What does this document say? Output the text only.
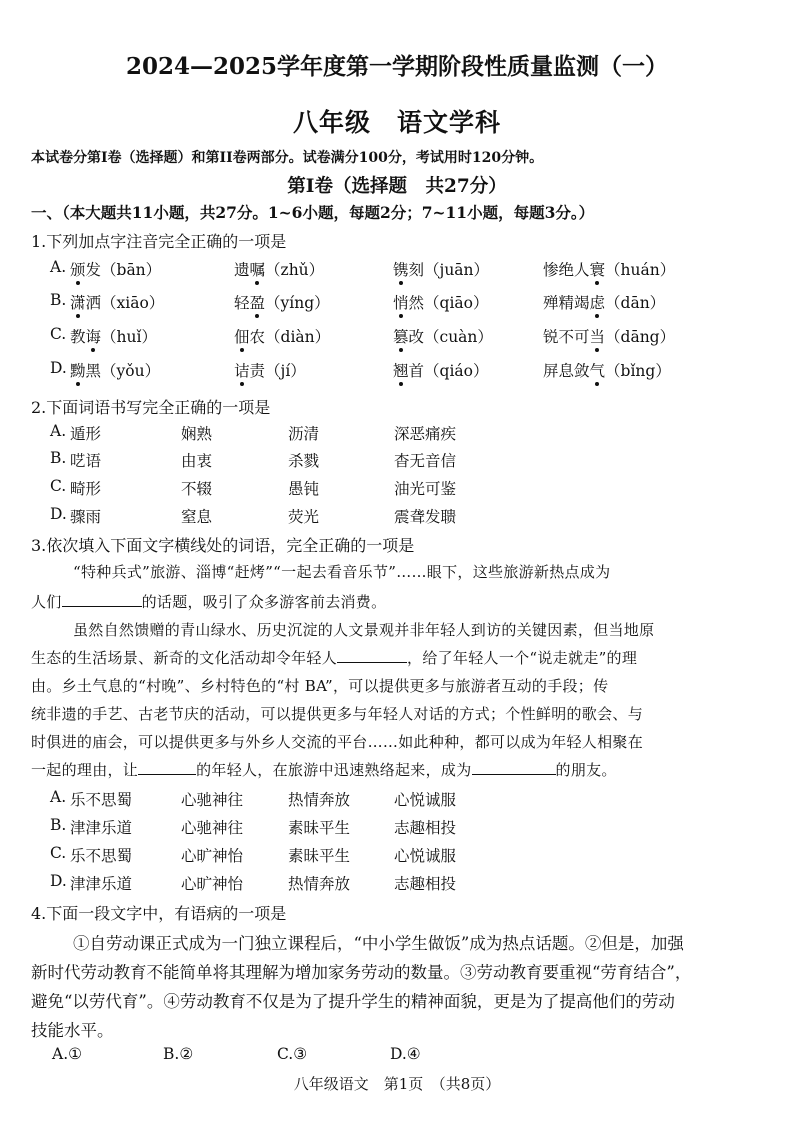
2024—2025学年度第一学期阶段性质量监测（一）
八年级 语文学科
本试卷分第I卷（选择题）和第II卷两部分。试卷满分100分，考试用时120分钟。
第I卷（选择题　共27分）
一、（本大题共11小题，共27分。1~6小题，每题2分；7~11小题，每题3分。）
1.下列加点字注音完全正确的一项是
A. 颁发（bān）	遗嘱（zhǔ）	镌刻（juān）	惨绝人寰（huán）
B. 潇洒（xiāo）	轻盈（yíng）	悄然（qiāo）	殚精竭虑（dān）
C. 教诲（huǐ）	佃农（diàn）	篡改（cuàn）	锐不可当（dāng）
D. 黝黑（yǒu）	诘责（jí）	翘首（qiáo）	屏息敛气（bǐng）
2.下面词语书写完全正确的一项是
A. 遁形	娴熟	沥清	深恶痛疾
B. 呓语	由衷	杀戮	杳无音信
C. 畸形	不辍	愚钝	油光可鉴
D. 骤雨	窒息	荧光	震聋发聩
3.依次填入下面文字横线处的词语，完全正确的一项是
“特种兵式”旅游、淄博“赶烤”“一起去看音乐节”……眼下，这些旅游新热点成为
人们	的话题，吸引了众多游客前去消费。
虽然自然馈赠的青山绿水、历史沉淀的人文景观并非年轻人到访的关键因素，但当地原
生态的生活场景、新奇的文化活动却令年轻人	，给了年轻人一个“说走就走”的理
由。乡土气息的“村晚”、乡村特色的“村 BA”，可以提供更多与旅游者互动的手段；传
统非遗的手艺、古老节庆的活动，可以提供更多与年轻人对话的方式；个性鲜明的歌会、与
时俱进的庙会，可以提供更多与外乡人交流的平台……如此种种，都可以成为年轻人相聚在
一起的理由，让	的年轻人，在旅游中迅速熟络起来，成为	的朋友。
A. 乐不思蜀	心驰神往	热情奔放	心悦诚服
B. 津津乐道	心驰神往	素昧平生	志趣相投
C. 乐不思蜀	心旷神怡	素昧平生	心悦诚服
D. 津津乐道	心旷神怡	热情奔放	志趣相投
4.下面一段文字中，有语病的一项是
①自劳动课正式成为一门独立课程后，“中小学生做饭”成为热点话题。②但是，加强
新时代劳动教育不能简单将其理解为增加家务劳动的数量。③劳动教育要重视“劳育结合”，
避免“以劳代育”。④劳动教育不仅是为了提升学生的精神面貌，更是为了提高他们的劳动
技能水平。
A.①	B.②	C.③	D.④
八年级语文　第1页　（共8页）
